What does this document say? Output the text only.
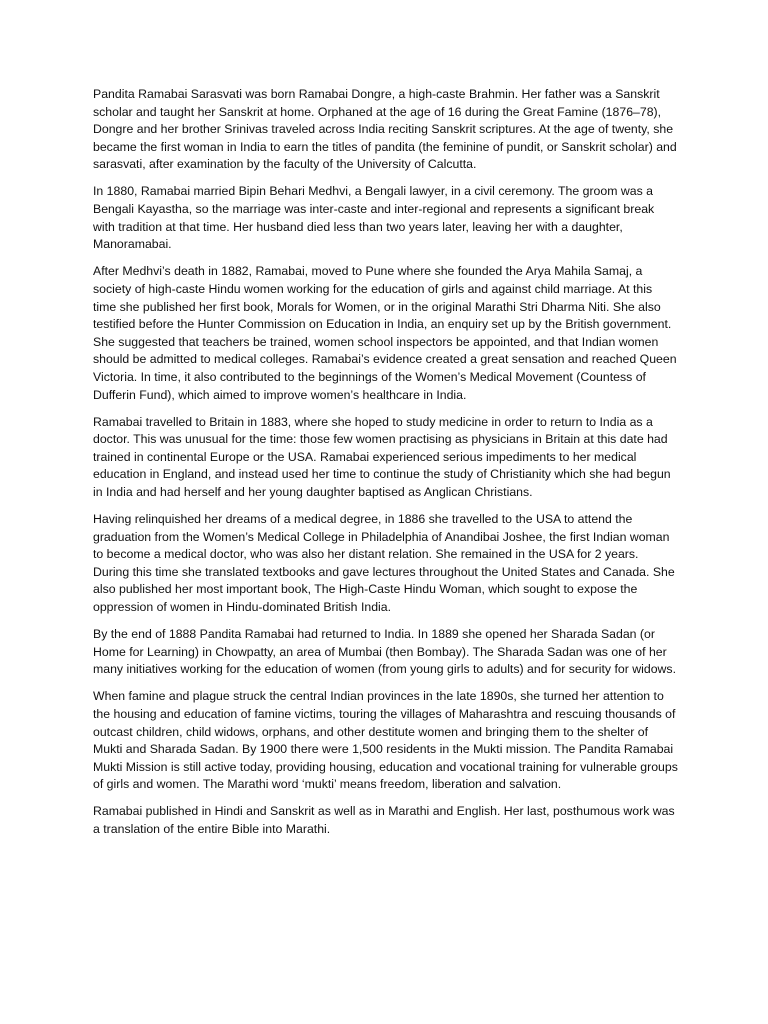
Pandita Ramabai Sarasvati was born Ramabai Dongre, a high-caste Brahmin. Her father was a Sanskrit scholar and taught her Sanskrit at home. Orphaned at the age of 16 during the Great Famine (1876–78), Dongre and her brother Srinivas traveled across India reciting Sanskrit scriptures. At the age of twenty, she became the first woman in India to earn the titles of pandita (the feminine of pundit, or Sanskrit scholar) and sarasvati, after examination by the faculty of the University of Calcutta.

In 1880, Ramabai married Bipin Behari Medhvi, a Bengali lawyer, in a civil ceremony. The groom was a Bengali Kayastha, so the marriage was inter-caste and inter-regional and represents a significant break with tradition at that time. Her husband died less than two years later, leaving her with a daughter, Manoramabai.

After Medhvi’s death in 1882, Ramabai, moved to Pune where she founded the Arya Mahila Samaj, a society of high-caste Hindu women working for the education of girls and against child marriage. At this time she published her first book, Morals for Women, or in the original Marathi Stri Dharma Niti. She also testified before the Hunter Commission on Education in India, an enquiry set up by the British government. She suggested that teachers be trained, women school inspectors be appointed, and that Indian women should be admitted to medical colleges. Ramabai’s evidence created a great sensation and reached Queen Victoria. In time, it also contributed to the beginnings of the Women’s Medical Movement (Countess of Dufferin Fund), which aimed to improve women’s healthcare in India.

Ramabai travelled to Britain in 1883, where she hoped to study medicine in order to return to India as a doctor. This was unusual for the time: those few women practising as physicians in Britain at this date had trained in continental Europe or the USA. Ramabai experienced serious impediments to her medical education in England, and instead used her time to continue the study of Christianity which she had begun in India and had herself and her young daughter baptised as Anglican Christians.

Having relinquished her dreams of a medical degree, in 1886 she travelled to the USA to attend the graduation from the Women’s Medical College in Philadelphia of Anandibai Joshee, the first Indian woman to become a medical doctor, who was also her distant relation. She remained in the USA for 2 years. During this time she translated textbooks and gave lectures throughout the United States and Canada. She also published her most important book, The High-Caste Hindu Woman, which sought to expose the oppression of women in Hindu-dominated British India.

By the end of 1888 Pandita Ramabai had returned to India. In 1889 she opened her Sharada Sadan (or Home for Learning) in Chowpatty, an area of Mumbai (then Bombay). The Sharada Sadan was one of her many initiatives working for the education of women (from young girls to adults) and for security for widows.

When famine and plague struck the central Indian provinces in the late 1890s, she turned her attention to the housing and education of famine victims, touring the villages of Maharashtra and rescuing thousands of outcast children, child widows, orphans, and other destitute women and bringing them to the shelter of Mukti and Sharada Sadan. By 1900 there were 1,500 residents in the Mukti mission. The Pandita Ramabai Mukti Mission is still active today, providing housing, education and vocational training for vulnerable groups of girls and women. The Marathi word ‘mukti’ means freedom, liberation and salvation.

Ramabai published in Hindi and Sanskrit as well as in Marathi and English. Her last, posthumous work was a translation of the entire Bible into Marathi.
